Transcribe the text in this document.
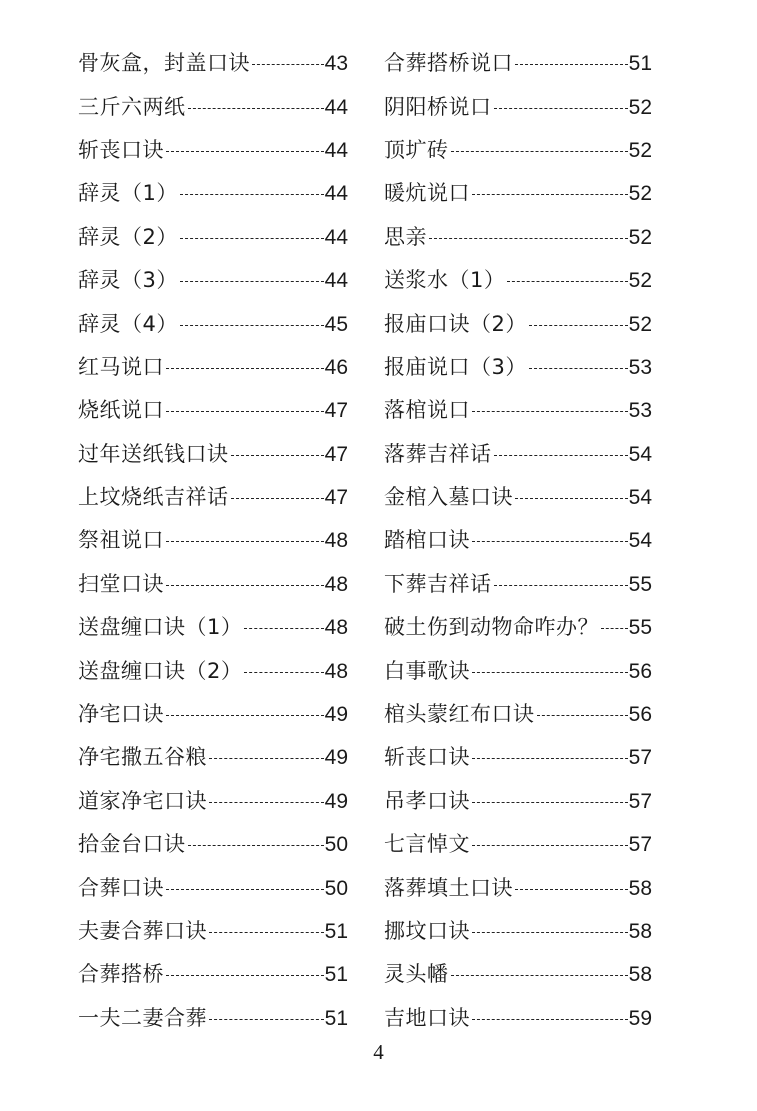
骨灰盒，封盖口诀	43
三斤六两纸	44
斩丧口诀	44
辞灵（1）	44
辞灵（2）	44
辞灵（3）	44
辞灵（4）	45
红马说口	46
烧纸说口	47
过年送纸钱口诀	47
上坟烧纸吉祥话	47
祭祖说口	48
扫堂口诀	48
送盘缠口诀（1）	48
送盘缠口诀（2）	48
净宅口诀	49
净宅撒五谷粮	49
道家净宅口诀	49
拾金台口诀	50
合葬口诀	50
夫妻合葬口诀	51
合葬搭桥	51
一夫二妻合葬	51
合葬搭桥说口	51
阴阳桥说口	52
顶圹砖	52
暖炕说口	52
思亲	52
送浆水（1）	52
报庙口诀（2）	52
报庙说口（3）	53
落棺说口	53
落葬吉祥话	54
金棺入墓口诀	54
踏棺口诀	54
下葬吉祥话	55
破土伤到动物命咋办？ 55
白事歌诀	56
棺头蒙红布口诀	56
斩丧口诀	57
吊孝口诀	57
七言悼文	57
落葬填土口诀	58
挪坟口诀	58
灵头幡	58
吉地口诀	59
4
